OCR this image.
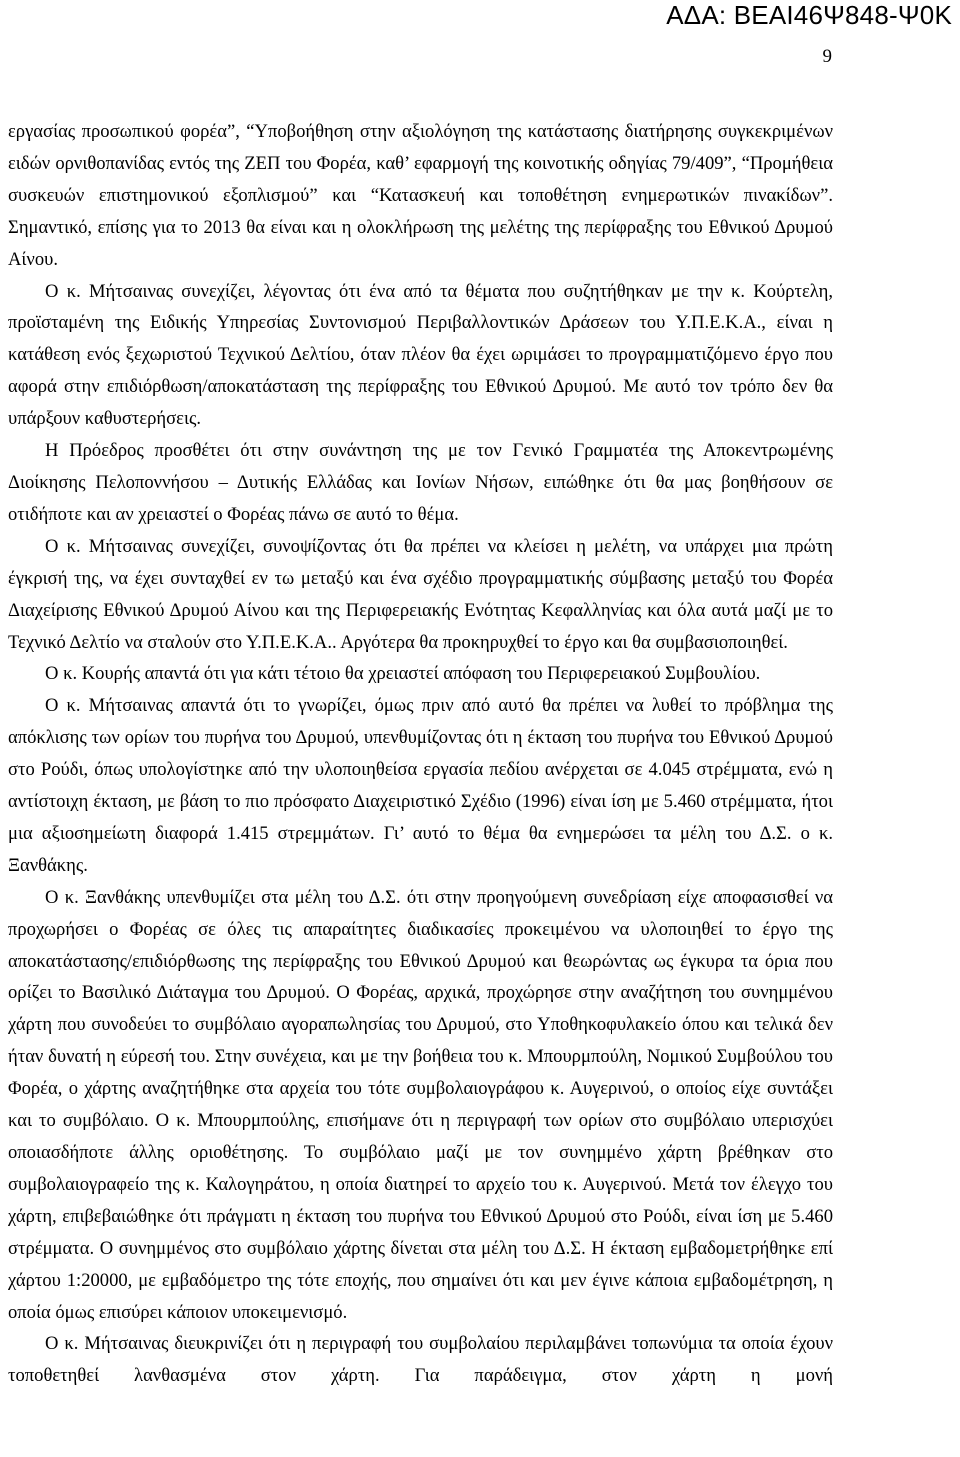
ΑΔΑ: ΒΕΑΙ46Ψ848-Ψ0Κ
9

εργασίας προσωπικού φορέα”, “Υποβοήθηση στην αξιολόγηση της κατάστασης διατήρησης συγκεκριμένων ειδών ορνιθοπανίδας εντός της ΖΕΠ του Φορέα, καθ’ εφαρμογή της κοινοτικής οδηγίας 79/409”, “Προμήθεια συσκευών επιστημονικού εξοπλισμού” και “Κατασκευή και τοποθέτηση ενημερωτικών πινακίδων”. Σημαντικό, επίσης για το 2013 θα είναι και η ολοκλήρωση της μελέτης της περίφραξης του Εθνικού Δρυμού Αίνου.

Ο κ. Μήτσαινας συνεχίζει, λέγοντας ότι ένα από τα θέματα που συζητήθηκαν με την κ. Κούρτελη, προϊσταμένη της Ειδικής Υπηρεσίας Συντονισμού Περιβαλλοντικών Δράσεων του Υ.Π.Ε.Κ.Α., είναι η κατάθεση ενός ξεχωριστού Τεχνικού Δελτίου, όταν πλέον θα έχει ωριμάσει το προγραμματιζόμενο έργο που αφορά στην επιδιόρθωση/αποκατάσταση της περίφραξης του Εθνικού Δρυμού. Με αυτό τον τρόπο δεν θα υπάρξουν καθυστερήσεις.

Η Πρόεδρος προσθέτει ότι στην συνάντηση της με τον Γενικό Γραμματέα της Αποκεντρωμένης Διοίκησης Πελοποννήσου – Δυτικής Ελλάδας και Ιονίων Νήσων, ειπώθηκε ότι θα μας βοηθήσουν σε οτιδήποτε και αν χρειαστεί ο Φορέας πάνω σε αυτό το θέμα.

Ο κ. Μήτσαινας συνεχίζει, συνοψίζοντας ότι θα πρέπει να κλείσει η μελέτη, να υπάρχει μια πρώτη έγκρισή της, να έχει συνταχθεί εν τω μεταξύ και ένα σχέδιο προγραμματικής σύμβασης μεταξύ του Φορέα Διαχείρισης Εθνικού Δρυμού Αίνου και της Περιφερειακής Ενότητας Κεφαλληνίας και όλα αυτά μαζί με το Τεχνικό Δελτίο να σταλούν στο Υ.Π.Ε.Κ.Α.. Αργότερα θα προκηρυχθεί το έργο και θα συμβασιοποιηθεί.

Ο κ. Κουρής απαντά ότι για κάτι τέτοιο θα χρειαστεί απόφαση του Περιφερειακού Συμβουλίου.

Ο κ. Μήτσαινας απαντά ότι το γνωρίζει, όμως πριν από αυτό θα πρέπει να λυθεί το πρόβλημα της απόκλισης των ορίων του πυρήνα του Δρυμού, υπενθυμίζοντας ότι η έκταση του πυρήνα του Εθνικού Δρυμού στο Ρούδι, όπως υπολογίστηκε από την υλοποιηθείσα εργασία πεδίου ανέρχεται σε 4.045 στρέμματα, ενώ η αντίστοιχη έκταση, με βάση το πιο πρόσφατο Διαχειριστικό Σχέδιο (1996) είναι ίση με 5.460 στρέμματα, ήτοι μια αξιοσημείωτη διαφορά 1.415 στρεμμάτων. Γι’ αυτό το θέμα θα ενημερώσει τα μέλη του Δ.Σ. ο κ. Ξανθάκης.

Ο κ. Ξανθάκης υπενθυμίζει στα μέλη του Δ.Σ. ότι στην προηγούμενη συνεδρίαση είχε αποφασισθεί να προχωρήσει ο Φορέας σε όλες τις απαραίτητες διαδικασίες προκειμένου να υλοποιηθεί το έργο της αποκατάστασης/επιδιόρθωσης της περίφραξης του Εθνικού Δρυμού και θεωρώντας ως έγκυρα τα όρια που ορίζει το Βασιλικό Διάταγμα του Δρυμού. Ο Φορέας, αρχικά, προχώρησε στην αναζήτηση του συνημμένου χάρτη που συνοδεύει το συμβόλαιο αγοραπωλησίας του Δρυμού, στο Υποθηκοφυλακείο όπου και τελικά δεν ήταν δυνατή η εύρεσή του. Στην συνέχεια, και με την βοήθεια του κ. Μπουρμπούλη, Νομικού Συμβούλου του Φορέα, ο χάρτης αναζητήθηκε στα αρχεία του τότε συμβολαιογράφου κ. Αυγερινού, ο οποίος είχε συντάξει και το συμβόλαιο. Ο κ. Μπουρμπούλης, επισήμανε ότι η περιγραφή των ορίων στο συμβόλαιο υπερισχύει οποιασδήποτε άλλης οριοθέτησης. Το συμβόλαιο μαζί με τον συνημμένο χάρτη βρέθηκαν στο συμβολαιογραφείο της κ. Καλογηράτου, η οποία διατηρεί το αρχείο του κ. Αυγερινού. Μετά τον έλεγχο του χάρτη, επιβεβαιώθηκε ότι πράγματι η έκταση του πυρήνα του Εθνικού Δρυμού στο Ρούδι, είναι ίση με 5.460 στρέμματα. Ο συνημμένος στο συμβόλαιο χάρτης δίνεται στα μέλη του Δ.Σ. Η έκταση εμβαδομετρήθηκε επί χάρτου 1:20000, με εμβαδόμετρο της τότε εποχής, που σημαίνει ότι και μεν έγινε κάποια εμβαδομέτρηση, η οποία όμως επισύρει κάποιον υποκειμενισμό.

Ο κ. Μήτσαινας διευκρινίζει ότι η περιγραφή του συμβολαίου περιλαμβάνει τοπωνύμια τα οποία έχουν τοποθετηθεί λανθασμένα στον χάρτη. Για παράδειγμα, στον χάρτη η μονή
